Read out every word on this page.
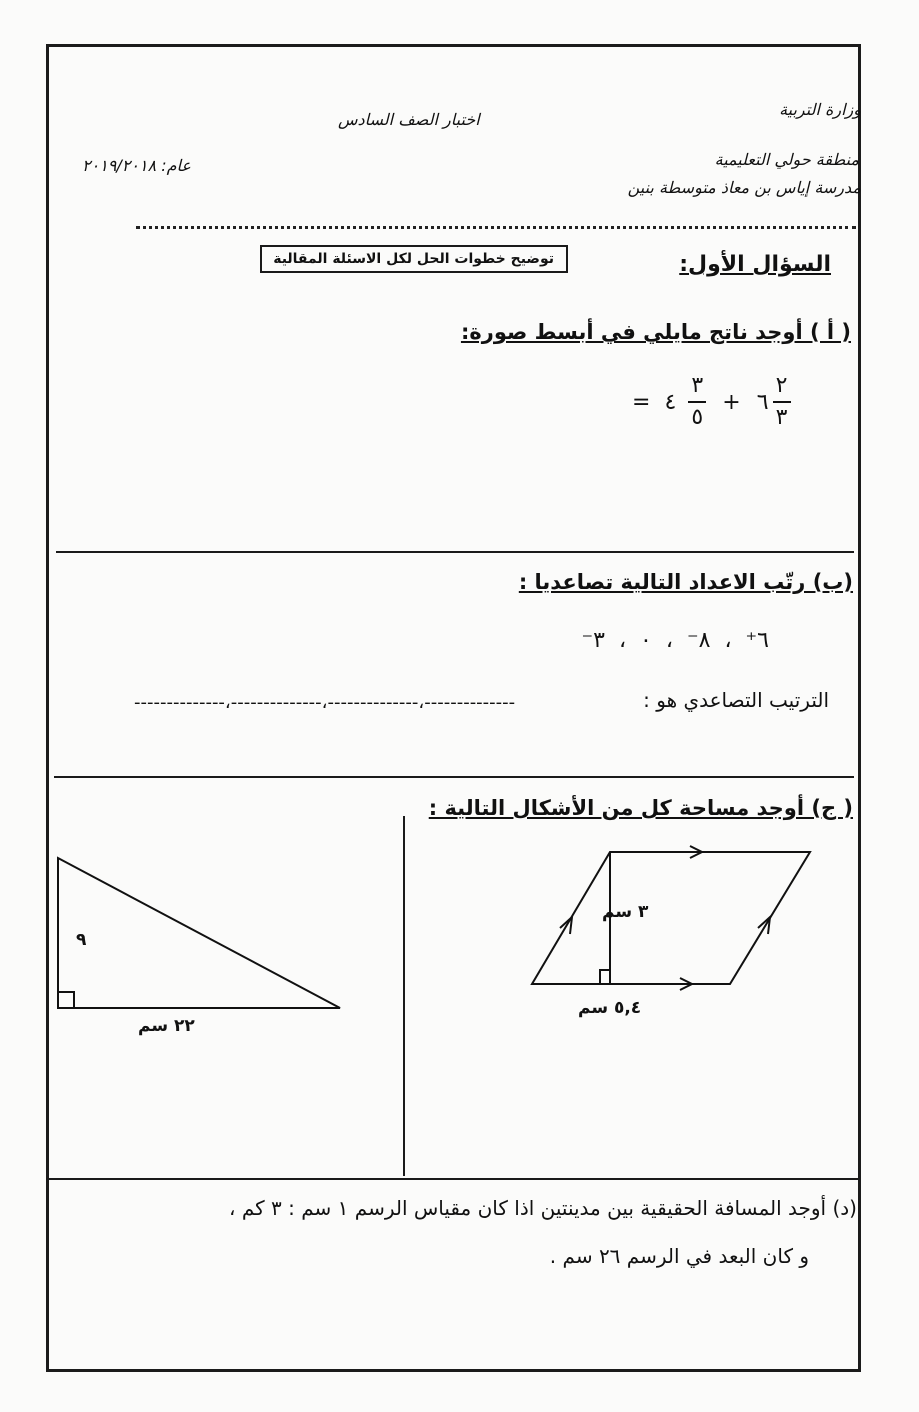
وزارة التربية
اختبار الصف السادس
منطقة حولي التعليمية
مدرسة إياس بن معاذ متوسطة بنين
عام: ٢٠١٩/٢٠١٨
السؤال الأول:
توضيح خطوات الحل لكل الاسئلة المقالية
( أ ) أوجد ناتج مايلي في أبسط صورة:
= ٤ $\frac{٣}{٥}$ + ٦ $\frac{٢}{٣}$
(ب) رتّب الاعداد التالية تصاعديا :
٦⁺
،
٨⁻
،
٠
،
٣⁻
الترتيب التصاعدي هو :
--------------،--------------،--------------،--------------
( ج) أوجد مساحة كل من الأشكال التالية :
٣ سم
٥,٤ سم
٩
٢٢ سم
(د) أوجد المسافة الحقيقية بين مدينتين اذا كان مقياس الرسم ١ سم : ٣ كم ،
و كان البعد في الرسم ٢٦ سم .
